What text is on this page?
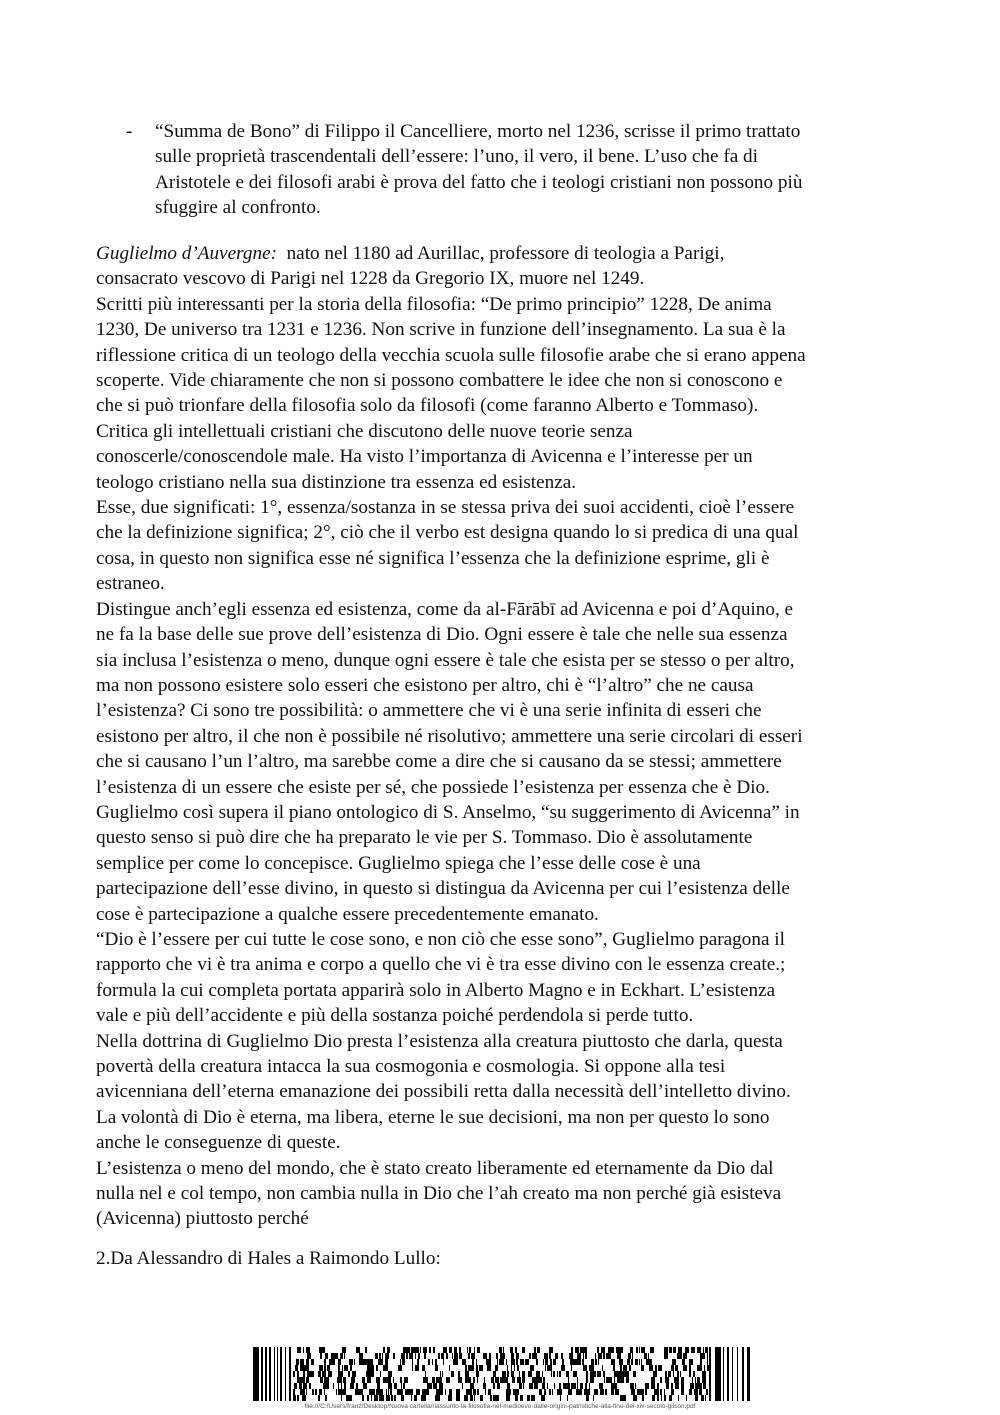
- “Summa de Bono” di Filippo il Cancelliere, morto nel 1236, scrisse il primo trattato
sulle proprietà trascendentali dell’essere: l’uno, il vero, il bene. L’uso che fa di
Aristotele e dei filosofi arabi è prova del fatto che i teologi cristiani non possono più
sfuggire al confronto.
Guglielmo d’Auvergne:  nato nel 1180 ad Aurillac, professore di teologia a Parigi,
consacrato vescovo di Parigi nel 1228 da Gregorio IX, muore nel 1249.
Scritti più interessanti per la storia della filosofia: “De primo principio” 1228, De anima
1230, De universo tra 1231 e 1236. Non scrive in funzione dell’insegnamento. La sua è la
riflessione critica di un teologo della vecchia scuola sulle filosofie arabe che si erano appena
scoperte. Vide chiaramente che non si possono combattere le idee che non si conoscono e
che si può trionfare della filosofia solo da filosofi (come faranno Alberto e Tommaso).
Critica gli intellettuali cristiani che discutono delle nuove teorie senza
conoscerle/conoscendole male. Ha visto l’importanza di Avicenna e l’interesse per un
teologo cristiano nella sua distinzione tra essenza ed esistenza.
Esse, due significati: 1°, essenza/sostanza in se stessa priva dei suoi accidenti, cioè l’essere
che la definizione significa; 2°, ciò che il verbo est designa quando lo si predica di una qual
cosa, in questo non significa esse né significa l’essenza che la definizione esprime, gli è
estraneo.
Distingue anch’egli essenza ed esistenza, come da al-Fārābī ad Avicenna e poi d’Aquino, e
ne fa la base delle sue prove dell’esistenza di Dio. Ogni essere è tale che nelle sua essenza
sia inclusa l’esistenza o meno, dunque ogni essere è tale che esista per se stesso o per altro,
ma non possono esistere solo esseri che esistono per altro, chi è “l’altro” che ne causa
l’esistenza? Ci sono tre possibilità: o ammettere che vi è una serie infinita di esseri che
esistono per altro, il che non è possibile né risolutivo; ammettere una serie circolari di esseri
che si causano l’un l’altro, ma sarebbe come a dire che si causano da se stessi; ammettere
l’esistenza di un essere che esiste per sé, che possiede l’esistenza per essenza che è Dio.
Guglielmo così supera il piano ontologico di S. Anselmo, “su suggerimento di Avicenna” in
questo senso si può dire che ha preparato le vie per S. Tommaso. Dio è assolutamente
semplice per come lo concepisce. Guglielmo spiega che l’esse delle cose è una
partecipazione dell’esse divino, in questo si distingua da Avicenna per cui l’esistenza delle
cose è partecipazione a qualche essere precedentemente emanato.
“Dio è l’essere per cui tutte le cose sono, e non ciò che esse sono”, Guglielmo paragona il
rapporto che vi è tra anima e corpo a quello che vi è tra esse divino con le essenza create.;
formula la cui completa portata apparirà solo in Alberto Magno e in Eckhart. L’esistenza
vale e più dell’accidente e più della sostanza poiché perdendola si perde tutto.
Nella dottrina di Guglielmo Dio presta l’esistenza alla creatura piuttosto che darla, questa
povertà della creatura intacca la sua cosmogonia e cosmologia. Si oppone alla tesi
avicenniana dell’eterna emanazione dei possibili retta dalla necessità dell’intelletto divino.
La volontà di Dio è eterna, ma libera, eterne le sue decisioni, ma non per questo lo sono
anche le conseguenze di queste.
L’esistenza o meno del mondo, che è stato creato liberamente ed eternamente da Dio dal
nulla nel e col tempo, non cambia nulla in Dio che l’ah creato ma non perché già esisteva
(Avicenna) piuttosto perché
2.Da Alessandro di Hales a Raimondo Lullo:
file:///C:/Users/franz/Desktop/Nuova cartella/riassunto-la-filosofia-nel-medioevo-dalle-origini-patristiche-alla-fine-del-xiv-secolo-gilson.pdf
